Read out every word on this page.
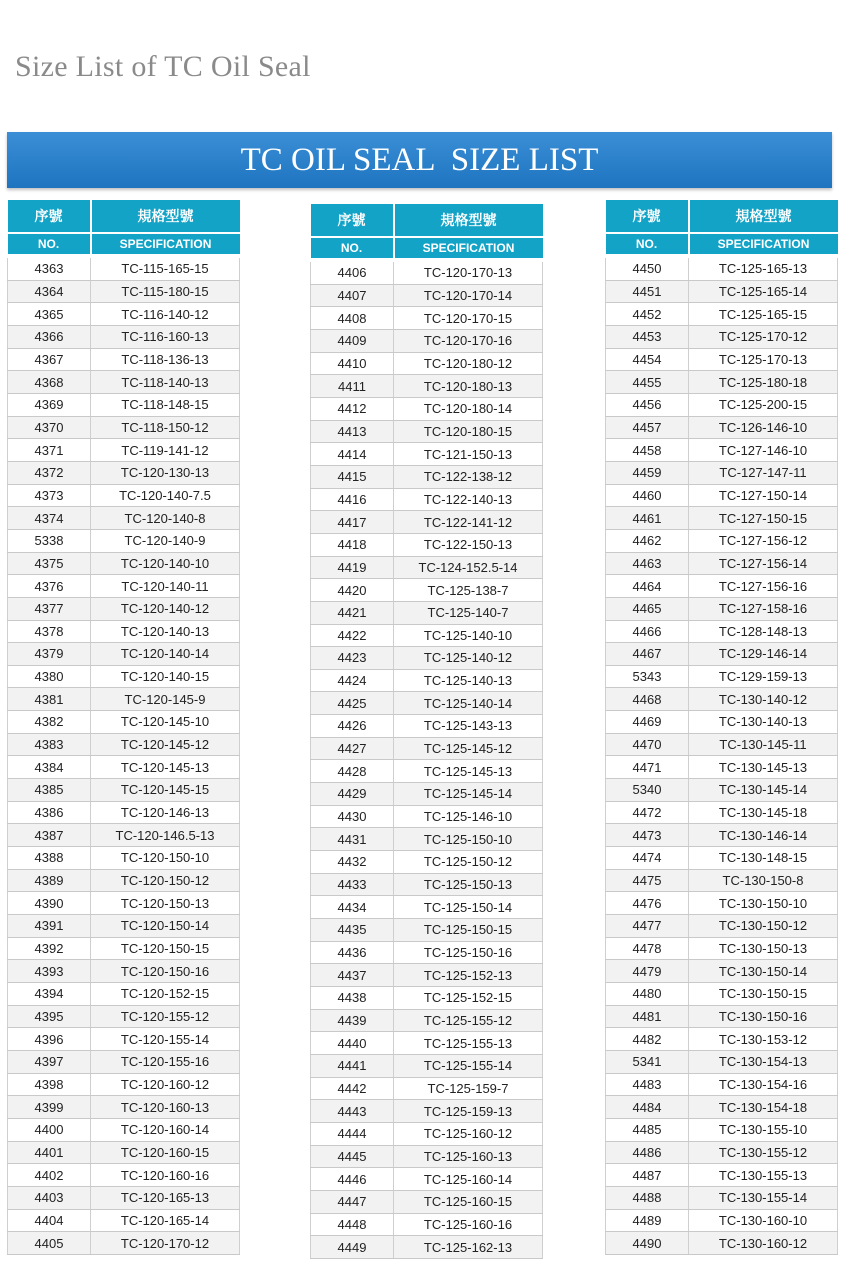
Size List of TC Oil Seal
TC OIL SEAL  SIZE LIST
序號	規格型號
NO.	SPECIFICATION

4363	TC-115-165-15
4364	TC-115-180-15
4365	TC-116-140-12
4366	TC-116-160-13
4367	TC-118-136-13
4368	TC-118-140-13
4369	TC-118-148-15
4370	TC-118-150-12
4371	TC-119-141-12
4372	TC-120-130-13
4373	TC-120-140-7.5
4374	TC-120-140-8
5338	TC-120-140-9
4375	TC-120-140-10
4376	TC-120-140-11
4377	TC-120-140-12
4378	TC-120-140-13
4379	TC-120-140-14
4380	TC-120-140-15
4381	TC-120-145-9
4382	TC-120-145-10
4383	TC-120-145-12
4384	TC-120-145-13
4385	TC-120-145-15
4386	TC-120-146-13
4387	TC-120-146.5-13
4388	TC-120-150-10
4389	TC-120-150-12
4390	TC-120-150-13
4391	TC-120-150-14
4392	TC-120-150-15
4393	TC-120-150-16
4394	TC-120-152-15
4395	TC-120-155-12
4396	TC-120-155-14
4397	TC-120-155-16
4398	TC-120-160-12
4399	TC-120-160-13
4400	TC-120-160-14
4401	TC-120-160-15
4402	TC-120-160-16
4403	TC-120-165-13
4404	TC-120-165-14
4405	TC-120-170-12
序號	規格型號
NO.	SPECIFICATION

4406	TC-120-170-13
4407	TC-120-170-14
4408	TC-120-170-15
4409	TC-120-170-16
4410	TC-120-180-12
4411	TC-120-180-13
4412	TC-120-180-14
4413	TC-120-180-15
4414	TC-121-150-13
4415	TC-122-138-12
4416	TC-122-140-13
4417	TC-122-141-12
4418	TC-122-150-13
4419	TC-124-152.5-14
4420	TC-125-138-7
4421	TC-125-140-7
4422	TC-125-140-10
4423	TC-125-140-12
4424	TC-125-140-13
4425	TC-125-140-14
4426	TC-125-143-13
4427	TC-125-145-12
4428	TC-125-145-13
4429	TC-125-145-14
4430	TC-125-146-10
4431	TC-125-150-10
4432	TC-125-150-12
4433	TC-125-150-13
4434	TC-125-150-14
4435	TC-125-150-15
4436	TC-125-150-16
4437	TC-125-152-13
4438	TC-125-152-15
4439	TC-125-155-12
4440	TC-125-155-13
4441	TC-125-155-14
4442	TC-125-159-7
4443	TC-125-159-13
4444	TC-125-160-12
4445	TC-125-160-13
4446	TC-125-160-14
4447	TC-125-160-15
4448	TC-125-160-16
4449	TC-125-162-13
序號	規格型號
NO.	SPECIFICATION

4450	TC-125-165-13
4451	TC-125-165-14
4452	TC-125-165-15
4453	TC-125-170-12
4454	TC-125-170-13
4455	TC-125-180-18
4456	TC-125-200-15
4457	TC-126-146-10
4458	TC-127-146-10
4459	TC-127-147-11
4460	TC-127-150-14
4461	TC-127-150-15
4462	TC-127-156-12
4463	TC-127-156-14
4464	TC-127-156-16
4465	TC-127-158-16
4466	TC-128-148-13
4467	TC-129-146-14
5343	TC-129-159-13
4468	TC-130-140-12
4469	TC-130-140-13
4470	TC-130-145-11
4471	TC-130-145-13
5340	TC-130-145-14
4472	TC-130-145-18
4473	TC-130-146-14
4474	TC-130-148-15
4475	TC-130-150-8
4476	TC-130-150-10
4477	TC-130-150-12
4478	TC-130-150-13
4479	TC-130-150-14
4480	TC-130-150-15
4481	TC-130-150-16
4482	TC-130-153-12
5341	TC-130-154-13
4483	TC-130-154-16
4484	TC-130-154-18
4485	TC-130-155-10
4486	TC-130-155-12
4487	TC-130-155-13
4488	TC-130-155-14
4489	TC-130-160-10
4490	TC-130-160-12
